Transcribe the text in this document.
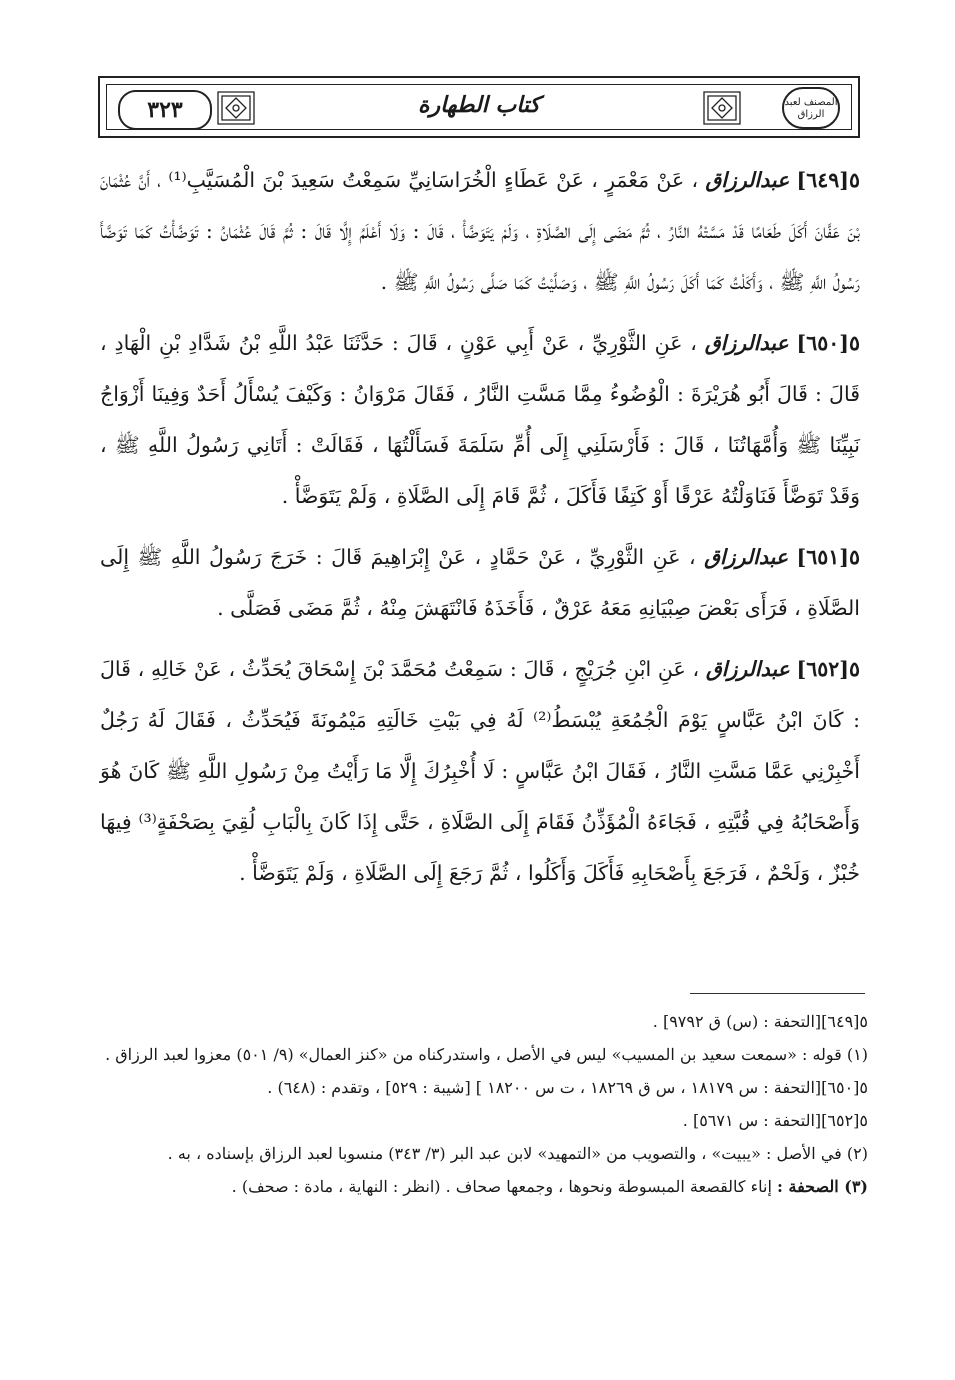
٣٢٣	كتاب الطهارة	المصنف لعبد الرزاق

٥[٦٤٩] عبدالرزاق ، عَنْ مَعْمَرٍ ، عَنْ عَطَاءٍ الْخُرَاسَانِيِّ سَمِعْتُ سَعِيدَ بْنَ الْمُسَيَّبِ⁽¹⁾ ، أَنَّ عُثْمَانَ بْنَ عَفَّانَ أَكَلَ طَعَامًا قَدْ مَسَّتْهُ النَّارُ ، ثُمَّ مَضَى إِلَى الصَّلَاةِ ، وَلَمْ يَتَوَضَّأْ ، قَالَ : وَلَا أَعْلَمُ إِلَّا قَالَ : ثُمَّ قَالَ عُثْمَانُ : تَوَضَّأْتُ كَمَا تَوَضَّأَ رَسُولُ اللَّهِ ﷺ ، وَأَكَلْتُ كَمَا أَكَلَ رَسُولُ اللَّهِ ﷺ ، وَصَلَّيْتُ كَمَا صَلَّى رَسُولُ اللَّهِ ﷺ .

٥[٦٥٠] عبدالرزاق ، عَنِ الثَّوْرِيِّ ، عَنْ أَبِي عَوْنٍ ، قَالَ : حَدَّثَنَا عَبْدُ اللَّهِ بْنُ شَدَّادِ بْنِ الْهَادِ ، قَالَ : قَالَ أَبُو هُرَيْرَةَ : الْوُضُوءُ مِمَّا مَسَّتِ النَّارُ ، فَقَالَ مَرْوَانُ : وَكَيْفَ يُسْأَلُ أَحَدٌ وَفِينَا أَزْوَاجُ نَبِيِّنَا ﷺ وَأُمَّهَاتُنَا ، قَالَ : فَأَرْسَلَنِي إِلَى أُمِّ سَلَمَةَ فَسَأَلْتُهَا ، فَقَالَتْ : أَتَانِي رَسُولُ اللَّهِ ﷺ ، وَقَدْ تَوَضَّأَ فَنَاوَلْتُهُ عَرْقًا أَوْ كَتِفًا فَأَكَلَ ، ثُمَّ قَامَ إِلَى الصَّلَاةِ ، وَلَمْ يَتَوَضَّأْ .

٥[٦٥١] عبدالرزاق ، عَنِ الثَّوْرِيِّ ، عَنْ حَمَّادٍ ، عَنْ إِبْرَاهِيمَ قَالَ : خَرَجَ رَسُولُ اللَّهِ ﷺ إِلَى الصَّلَاةِ ، فَرَأَى بَعْضَ صِبْيَانِهِ مَعَهُ عَرْقٌ ، فَأَخَذَهُ فَانْتَهَشَ مِنْهُ ، ثُمَّ مَضَى فَصَلَّى .

٥[٦٥٢] عبدالرزاق ، عَنِ ابْنِ جُرَيْجٍ ، قَالَ : سَمِعْتُ مُحَمَّدَ بْنَ إِسْحَاقَ يُحَدِّثُ ، عَنْ خَالِهِ ، قَالَ : كَانَ ابْنُ عَبَّاسٍ يَوْمَ الْجُمُعَةِ يُبْسَطُ⁽²⁾ لَهُ فِي بَيْتِ خَالَتِهِ مَيْمُونَةَ فَيُحَدِّثُ ، فَقَالَ لَهُ رَجُلٌ أَخْبِرْنِي عَمَّا مَسَّتِ النَّارُ ، فَقَالَ ابْنُ عَبَّاسٍ : لَا أُخْبِرُكَ إِلَّا مَا رَأَيْتُ مِنْ رَسُولِ اللَّهِ ﷺ كَانَ هُوَ وَأَصْحَابُهُ فِي قُبَّتِهِ ، فَجَاءَهُ الْمُؤَذِّنُ فَقَامَ إِلَى الصَّلَاةِ ، حَتَّى إِذَا كَانَ بِالْبَابِ لُقِيَ بِصَحْفَةٍ⁽³⁾ فِيهَا خُبْزٌ ، وَلَحْمٌ ، فَرَجَعَ بِأَصْحَابِهِ فَأَكَلَ وَأَكَلُوا ، ثُمَّ رَجَعَ إِلَى الصَّلَاةِ ، وَلَمْ يَتَوَضَّأْ .

٥[٦٤٩][التحفة : (س) ق ٩٧٩٢] .

(١) قوله : «سمعت سعيد بن المسيب» ليس في الأصل ، واستدركناه من «كنز العمال» (٩/ ٥٠١) معزوا لعبد الرزاق .

٥[٦٥٠][التحفة : س ١٨١٧٩ ، س ق ١٨٢٦٩ ، ت س ١٨٢٠٠ ] [شيبة : ٥٢٩] ، وتقدم : (٦٤٨) .

٥[٦٥٢][التحفة : س ٥٦٧١] .

(٢) في الأصل : «يبيت» ، والتصويب من «التمهيد» لابن عبد البر (٣/ ٣٤٣) منسوبا لعبد الرزاق بإسناده ، به .

(٣) الصحفة : إناء كالقصعة المبسوطة ونحوها ، وجمعها صحاف . (انظر : النهاية ، مادة : صحف) .
